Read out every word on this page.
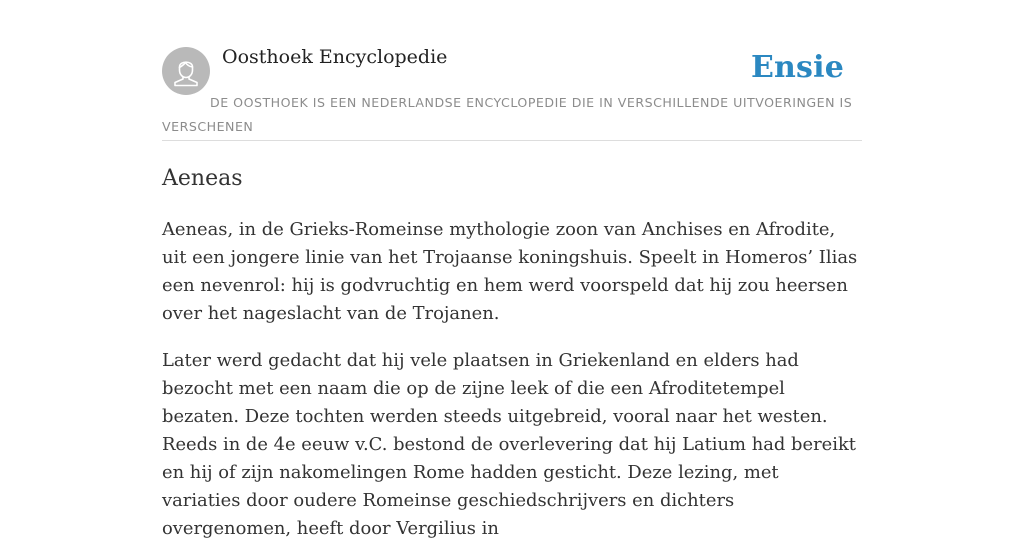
Oosthoek Encyclopedie	Ensie
DE OOSTHOEK IS EEN NEDERLANDSE ENCYCLOPEDIE DIE IN VERSCHILLENDE UITVOERINGEN IS VERSCHENEN
Aeneas

Aeneas, in de Grieks-Romeinse mythologie zoon van Anchises en Afrodite, uit een jongere linie van het Trojaanse koningshuis. Speelt in Homeros’ Ilias een nevenrol: hij is godvruchtig en hem werd voorspeld dat hij zou heersen over het nageslacht van de Trojanen.

Later werd gedacht dat hij vele plaatsen in Griekenland en elders had bezocht met een naam die op de zijne leek of die een Afroditetempel bezaten. Deze tochten werden steeds uitgebreid, vooral naar het westen. Reeds in de 4e eeuw v.C. bestond de overlevering dat hij Latium had bereikt en hij of zijn nakomelingen Rome hadden gesticht. Deze lezing, met variaties door oudere Romeinse geschiedschrijvers en dichters overgenomen, heeft door Vergilius in
